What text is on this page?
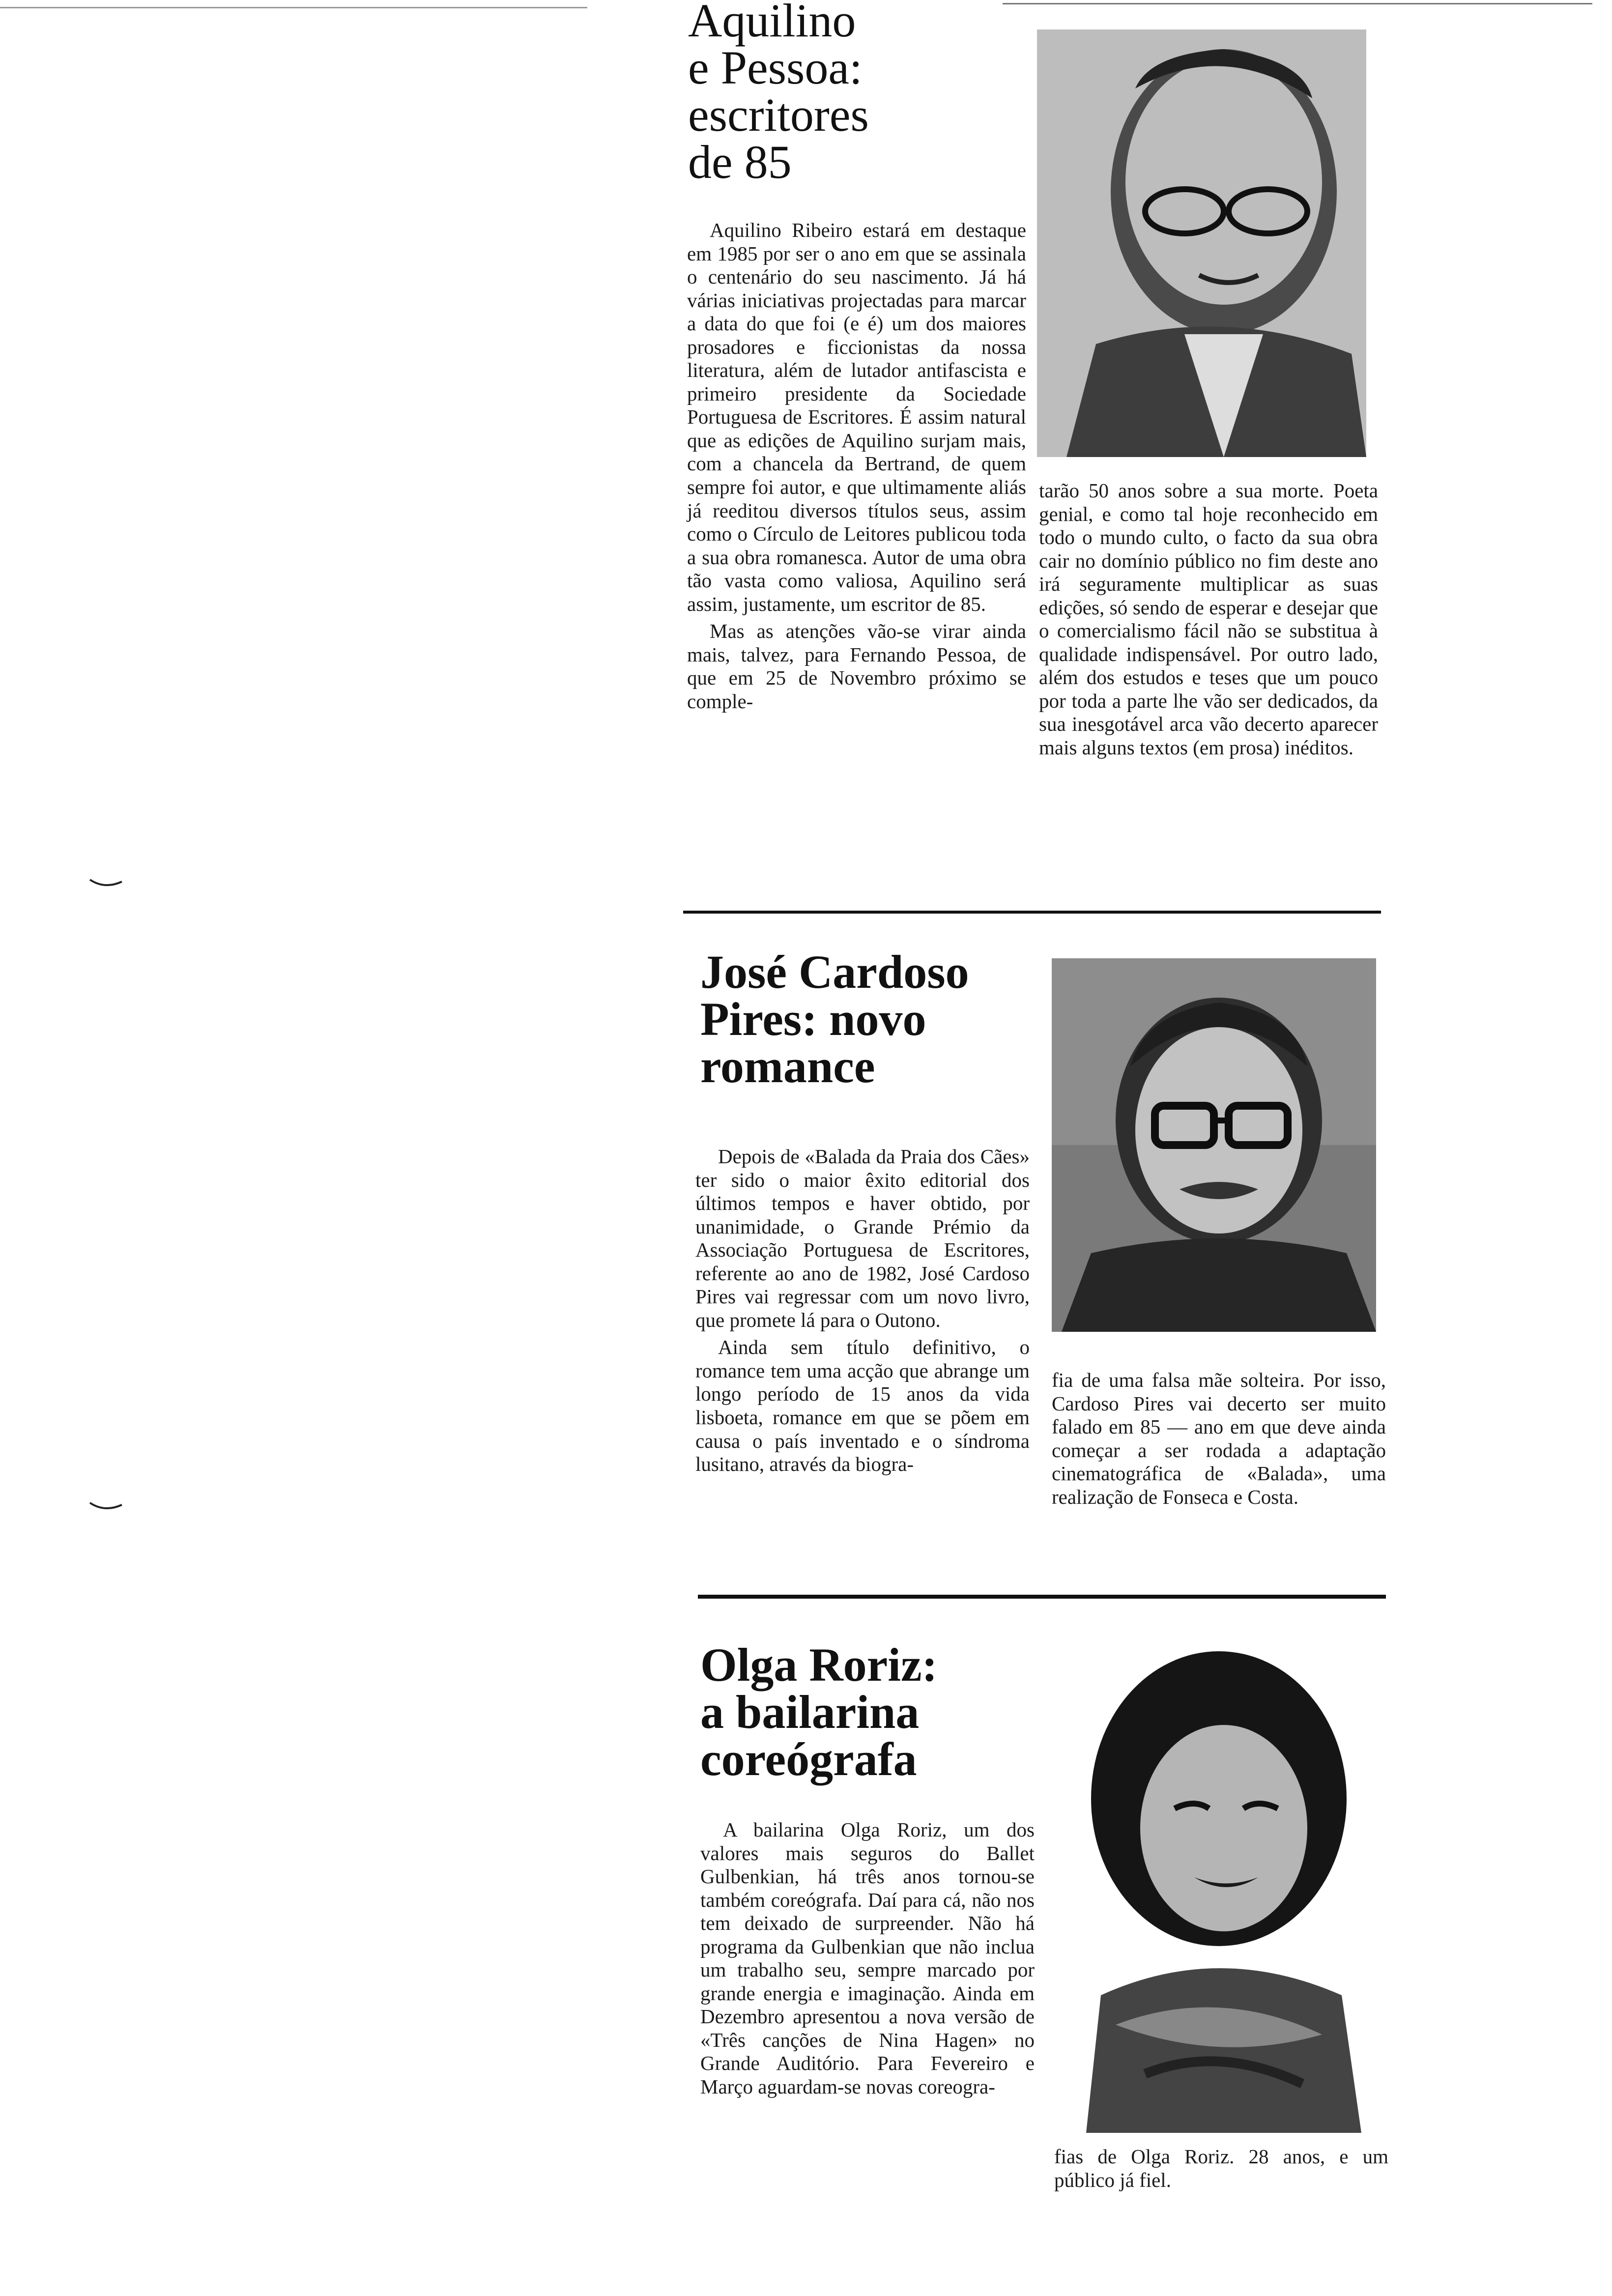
Aquilino
e Pessoa:
escritores
de 85

Aquilino Ribeiro estará em destaque em 1985 por ser o ano em que se assinala o centenário do seu nascimento. Já há várias iniciativas projectadas para marcar a data do que foi (e é) um dos maiores prosadores e ficcionistas da nossa literatura, além de lutador antifascista e primeiro presidente da Sociedade Portuguesa de Escritores. É assim natural que as edições de Aquilino surjam mais, com a chancela da Bertrand, de quem sempre foi autor, e que ultimamente aliás já reeditou diversos títulos seus, assim como o Círculo de Leitores publicou toda a sua obra romanesca. Autor de uma obra tão vasta como valiosa, Aquilino será assim, justamente, um escritor de 85.

Mas as atenções vão-se virar ainda mais, talvez, para Fernando Pessoa, de que em 25 de Novembro próximo se comple-

tarão 50 anos sobre a sua morte. Poeta genial, e como tal hoje reconhecido em todo o mundo culto, o facto da sua obra cair no domínio público no fim deste ano irá seguramente multiplicar as suas edições, só sendo de esperar e desejar que o comercialismo fácil não se substitua à qualidade indispensável. Por outro lado, além dos estudos e teses que um pouco por toda a parte lhe vão ser dedicados, da sua inesgotável arca vão decerto aparecer mais alguns textos (em prosa) inéditos.

José Cardoso
Pires: novo
romance

Depois de «Balada da Praia dos Cães» ter sido o maior êxito editorial dos últimos tempos e haver obtido, por unanimidade, o Grande Prémio da Associação Portuguesa de Escritores, referente ao ano de 1982, José Cardoso Pires vai regressar com um novo livro, que promete lá para o Outono.

Ainda sem título definitivo, o romance tem uma acção que abrange um longo período de 15 anos da vida lisboeta, romance em que se põem em causa o país inventado e o síndroma lusitano, através da biogra-

fia de uma falsa mãe solteira. Por isso, Cardoso Pires vai decerto ser muito falado em 85 — ano em que deve ainda começar a ser rodada a adaptação cinematográfica de «Balada», uma realização de Fonseca e Costa.

Olga Roriz:
a bailarina
coreógrafa

A bailarina Olga Roriz, um dos valores mais seguros do Ballet Gulbenkian, há três anos tornou-se também coreógrafa. Daí para cá, não nos tem deixado de surpreender. Não há programa da Gulbenkian que não inclua um trabalho seu, sempre marcado por grande energia e imaginação. Ainda em Dezembro apresentou a nova versão de «Três canções de Nina Hagen» no Grande Auditório. Para Fevereiro e Março aguardam-se novas coreogra-

fias de Olga Roriz. 28 anos, e um público já fiel.
